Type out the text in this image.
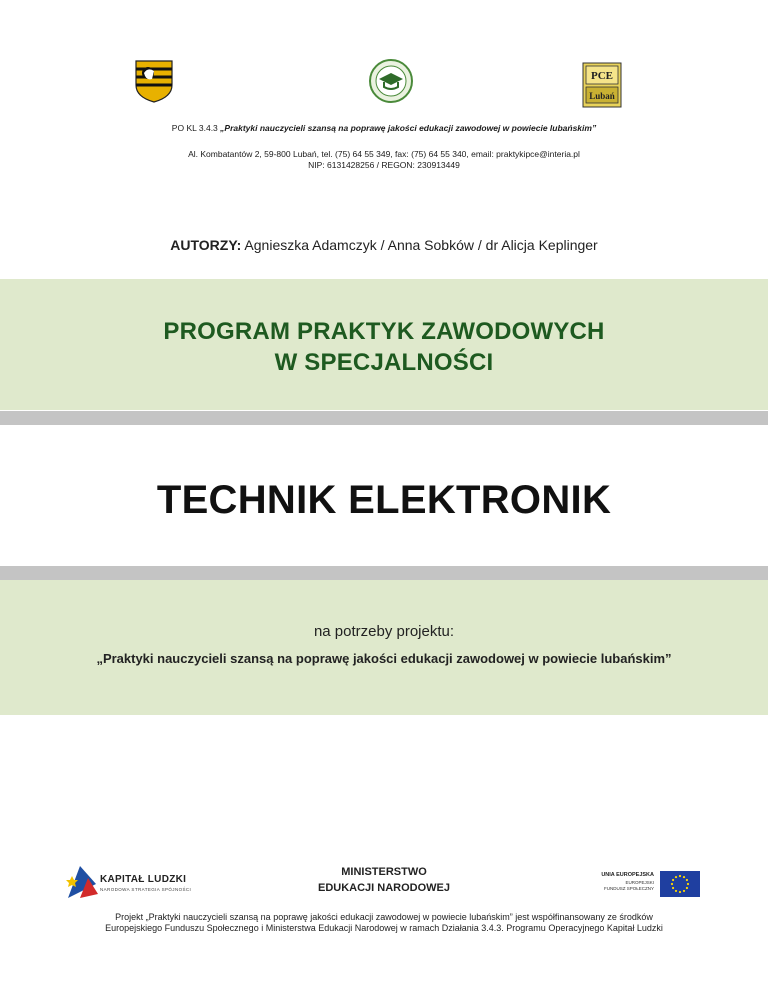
PCE
Lubań
PO KL 3.4.3 „Praktyki nauczycieli szansą na poprawę jakości edukacji zawodowej w powiecie lubańskim”
Al. Kombatantów 2, 59-800 Lubań, tel. (75) 64 55 349, fax: (75) 64 55 340, email: praktykipce@interia.pl
NIP: 6131428256 / REGON: 230913449
AUTORZY: Agnieszka Adamczyk / Anna Sobków / dr Alicja Keplinger
PROGRAM PRAKTYK ZAWODOWYCH
W SPECJALNOŚCI
TECHNIK ELEKTRONIK
na potrzeby projektu:
„Praktyki nauczycieli szansą na poprawę jakości edukacji zawodowej w powiecie lubańskim”
KAPITAŁ LUDZKI
NARODOWA STRATEGIA SPÓJNOŚCI
MINISTERSTWO
EDUKACJI NARODOWEJ
UNIA EUROPEJSKA
EUROPEJSKI
FUNDUSZ SPOŁECZNY
Projekt „Praktyki nauczycieli szansą na poprawę jakości edukacji zawodowej w powiecie lubańskim” jest współfinansowany ze środków
Europejskiego Funduszu Społecznego i Ministerstwa Edukacji Narodowej w ramach Działania 3.4.3. Programu Operacyjnego Kapitał Ludzki
